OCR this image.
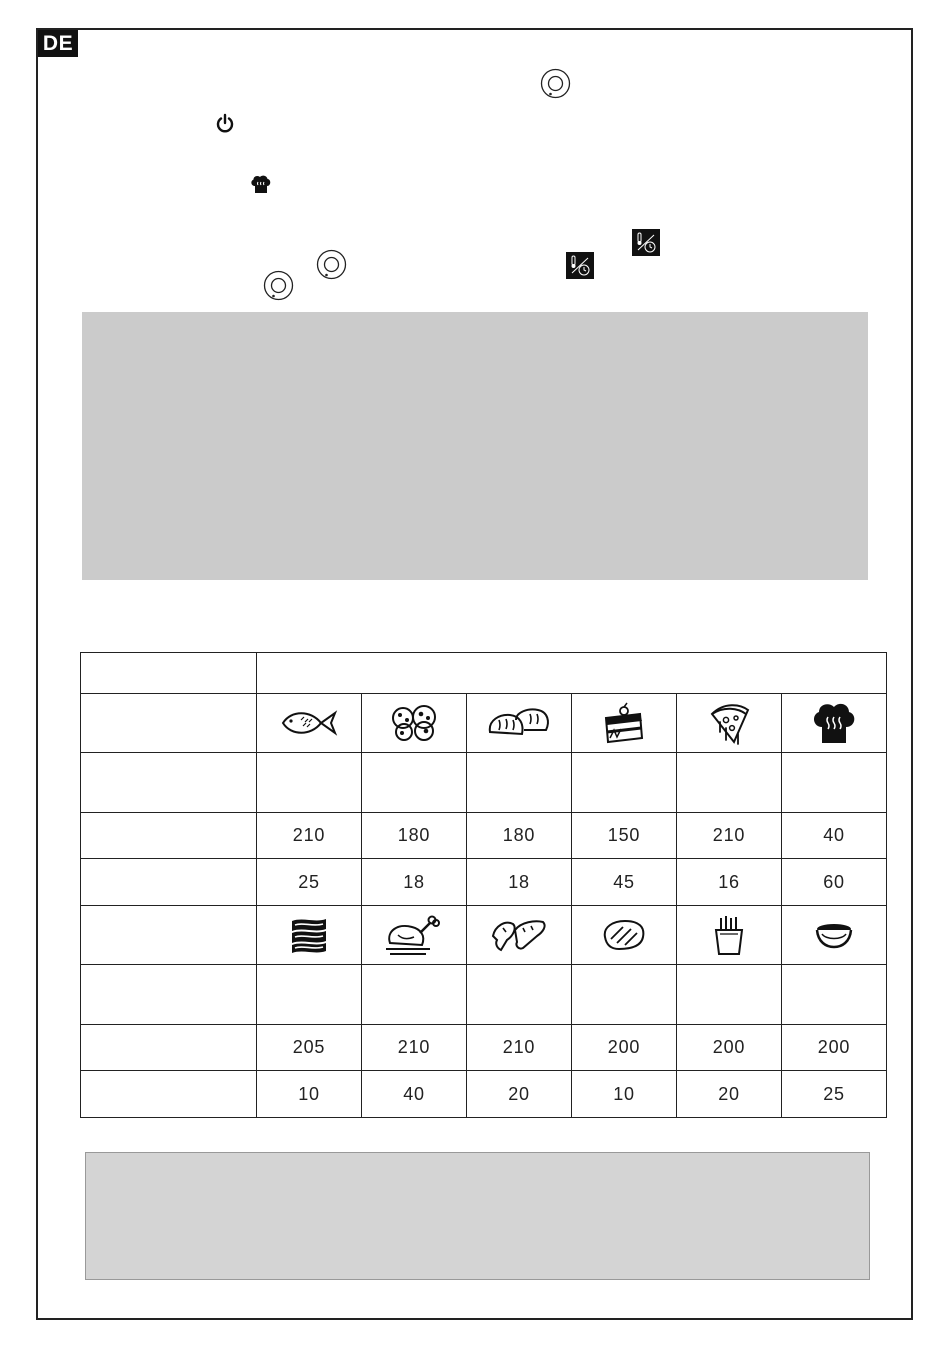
DE

	210	180	180	150	210	40
	25	18	18	45	16	60

	205	210	210	200	200	200
	10	40	20	10	20	25
